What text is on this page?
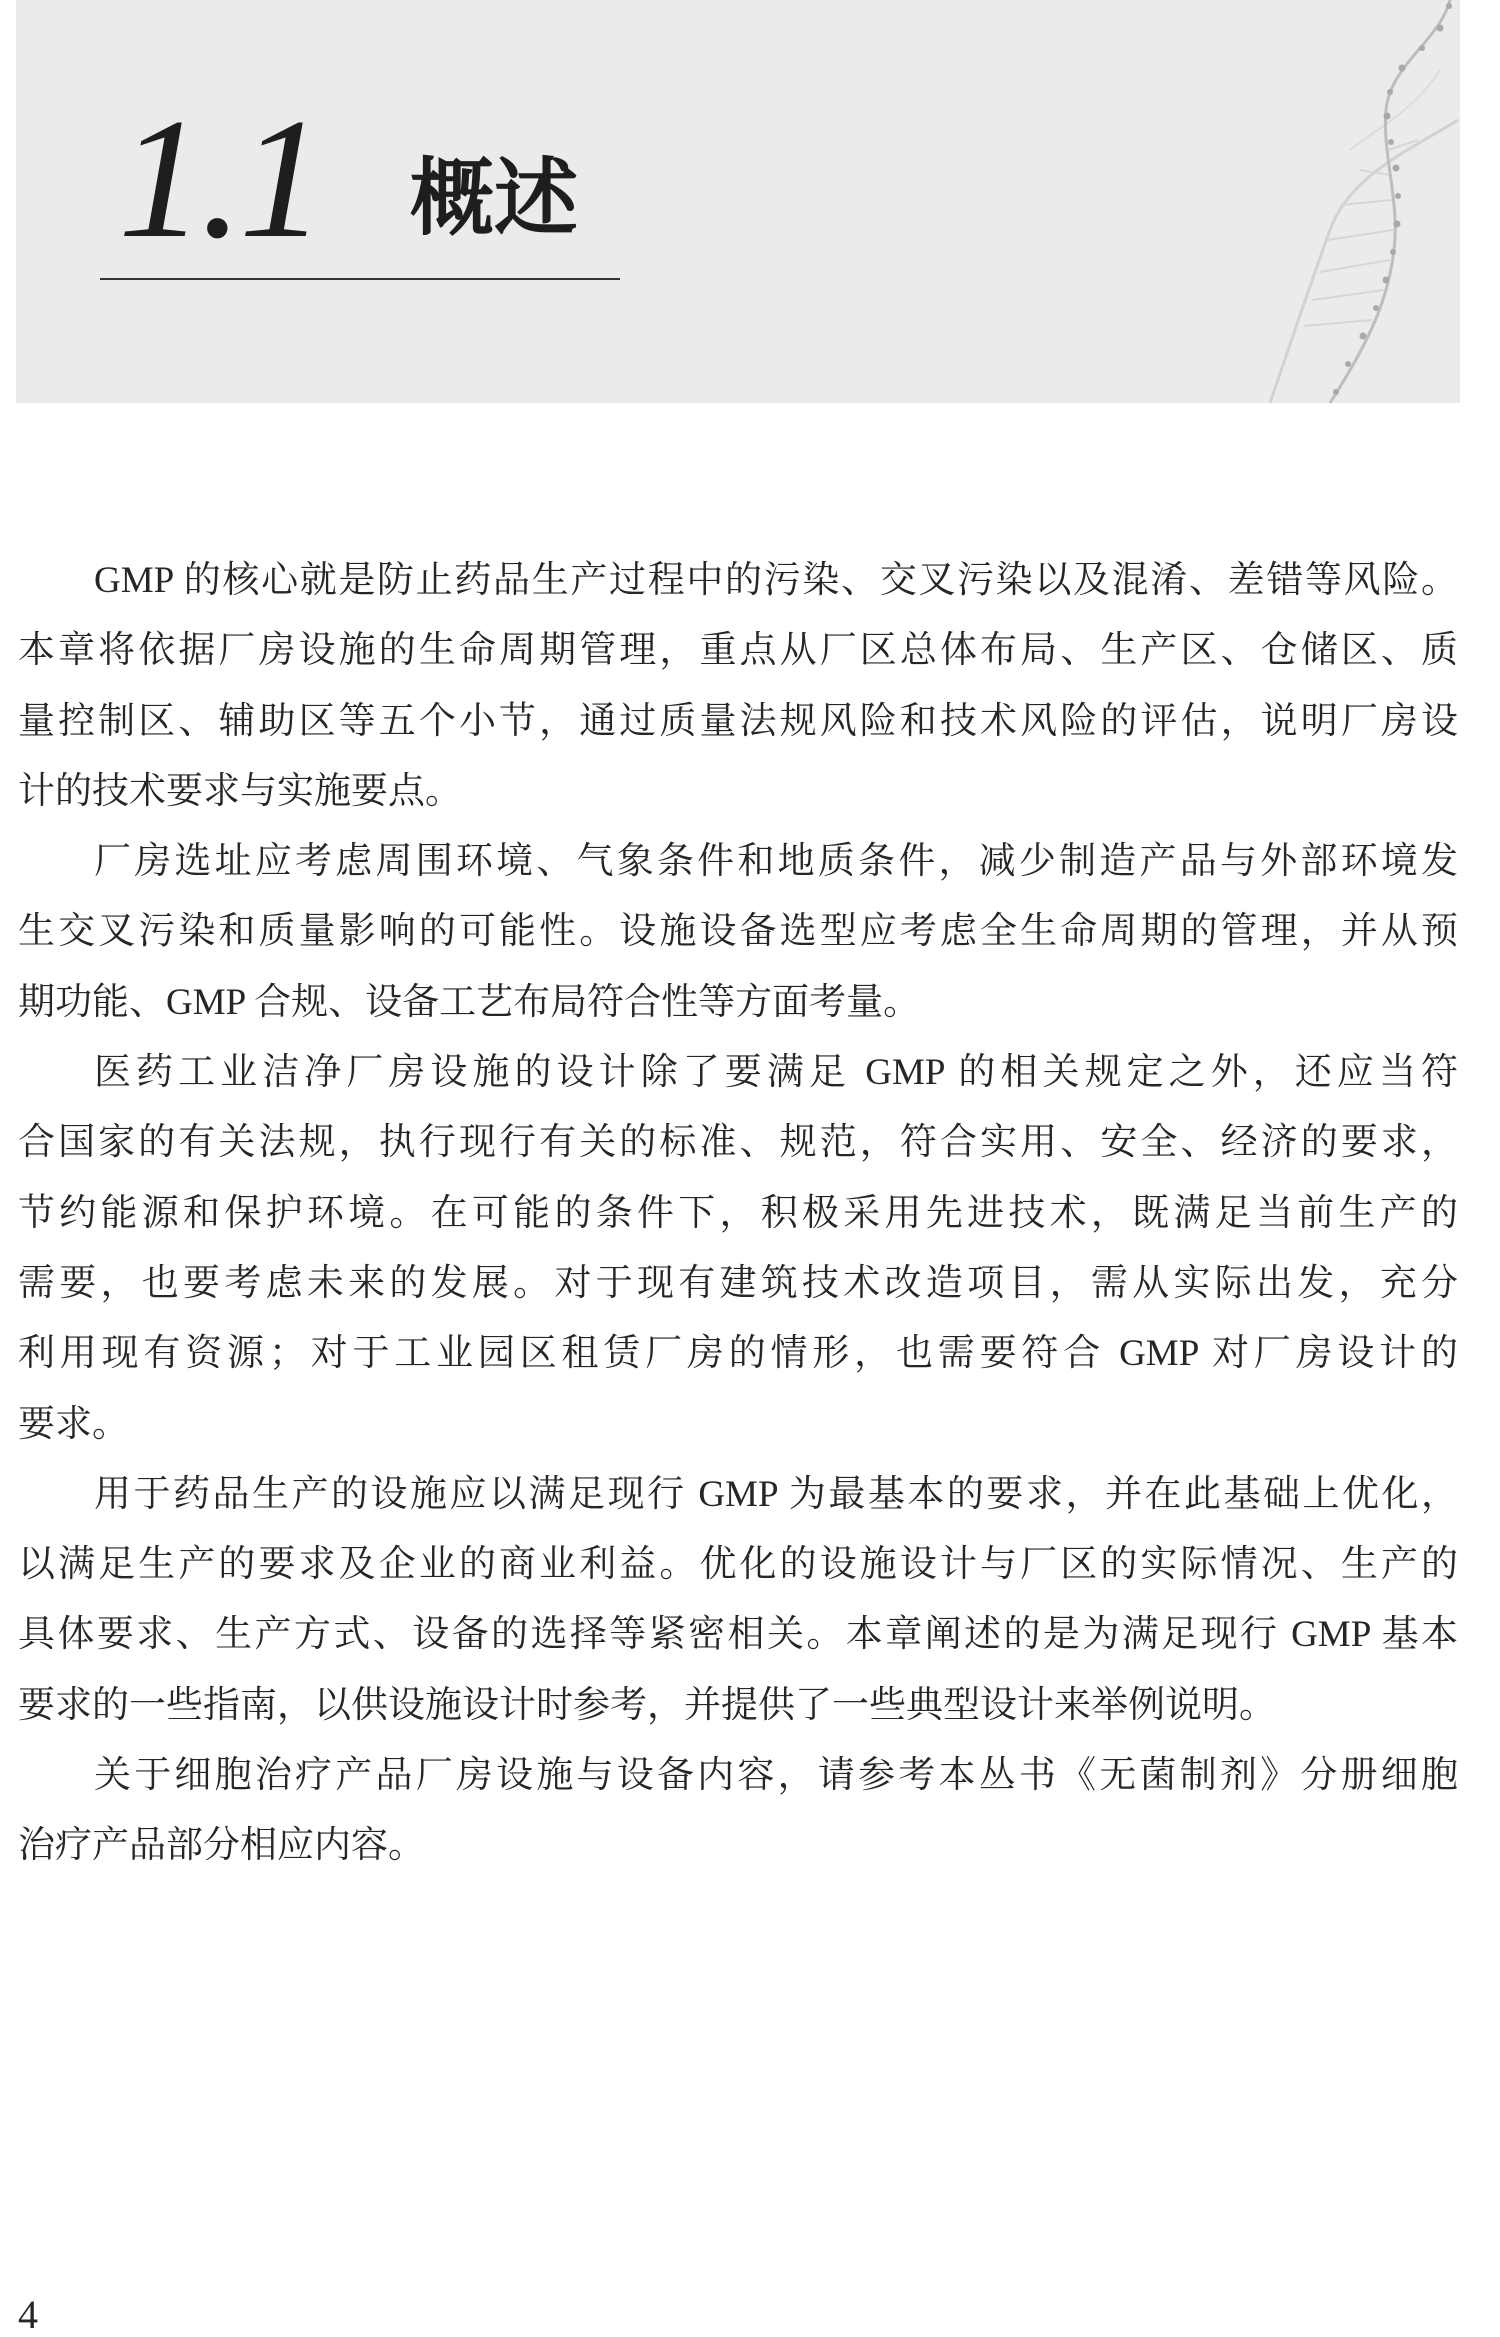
1.1 概述
GMP 的核心就是防止药品生产过程中的污染、交叉污染以及混淆、差错等风险。
本章将依据厂房设施的生命周期管理，重点从厂区总体布局、生产区、仓储区、质
量控制区、辅助区等五个小节，通过质量法规风险和技术风险的评估，说明厂房设
计的技术要求与实施要点。
厂房选址应考虑周围环境、气象条件和地质条件，减少制造产品与外部环境发
生交叉污染和质量影响的可能性。设施设备选型应考虑全生命周期的管理，并从预
期功能、GMP 合规、设备工艺布局符合性等方面考量。
医药工业洁净厂房设施的设计除了要满足 GMP 的相关规定之外，还应当符
合国家的有关法规，执行现行有关的标准、规范，符合实用、安全、经济的要求，
节约能源和保护环境。在可能的条件下，积极采用先进技术，既满足当前生产的
需要，也要考虑未来的发展。对于现有建筑技术改造项目，需从实际出发，充分
利用现有资源；对于工业园区租赁厂房的情形，也需要符合 GMP 对厂房设计的
要求。
用于药品生产的设施应以满足现行 GMP 为最基本的要求，并在此基础上优化，
以满足生产的要求及企业的商业利益。优化的设施设计与厂区的实际情况、生产的
具体要求、生产方式、设备的选择等紧密相关。本章阐述的是为满足现行 GMP 基本
要求的一些指南，以供设施设计时参考，并提供了一些典型设计来举例说明。
关于细胞治疗产品厂房设施与设备内容，请参考本丛书《无菌制剂》分册细胞
治疗产品部分相应内容。
4
